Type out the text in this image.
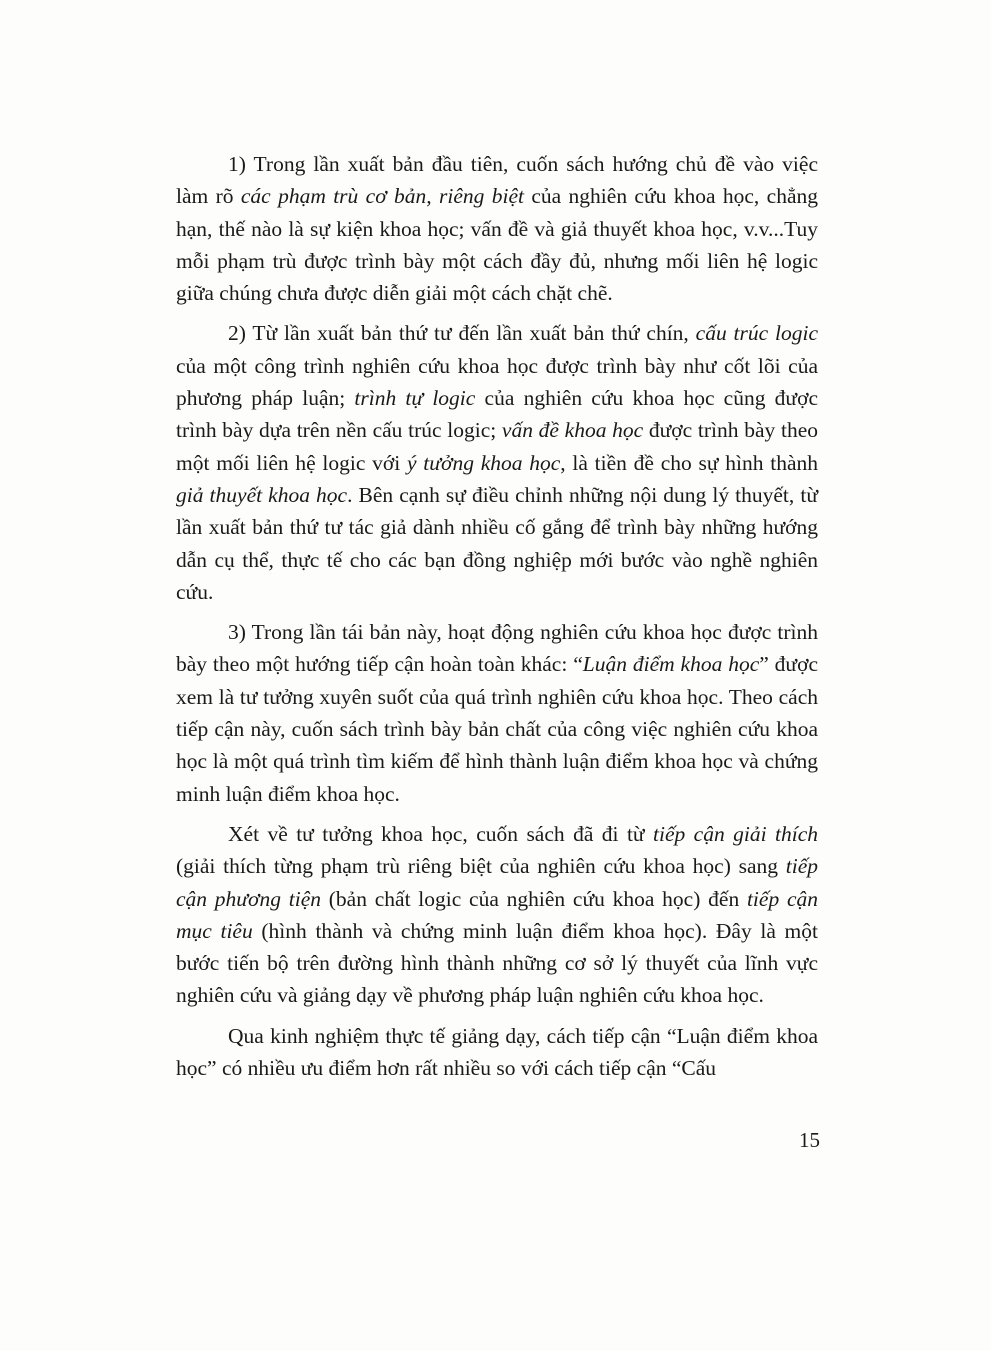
1) Trong lần xuất bản đầu tiên, cuốn sách hướng chủ đề vào việc làm rõ các phạm trù cơ bản, riêng biệt của nghiên cứu khoa học, chẳng hạn, thế nào là sự kiện khoa học; vấn đề và giả thuyết khoa học, v.v...Tuy mỗi phạm trù được trình bày một cách đầy đủ, nhưng mối liên hệ logic giữa chúng chưa được diễn giải một cách chặt chẽ.

2) Từ lần xuất bản thứ tư đến lần xuất bản thứ chín, cấu trúc logic của một công trình nghiên cứu khoa học được trình bày như cốt lõi của phương pháp luận; trình tự logic của nghiên cứu khoa học cũng được trình bày dựa trên nền cấu trúc logic; vấn đề khoa học được trình bày theo một mối liên hệ logic với ý tưởng khoa học, là tiền đề cho sự hình thành giả thuyết khoa học. Bên cạnh sự điều chỉnh những nội dung lý thuyết, từ lần xuất bản thứ tư tác giả dành nhiều cố gắng để trình bày những hướng dẫn cụ thể, thực tế cho các bạn đồng nghiệp mới bước vào nghề nghiên cứu.

3) Trong lần tái bản này, hoạt động nghiên cứu khoa học được trình bày theo một hướng tiếp cận hoàn toàn khác: “Luận điểm khoa học” được xem là tư tưởng xuyên suốt của quá trình nghiên cứu khoa học. Theo cách tiếp cận này, cuốn sách trình bày bản chất của công việc nghiên cứu khoa học là một quá trình tìm kiếm để hình thành luận điểm khoa học và chứng minh luận điểm khoa học.

Xét về tư tưởng khoa học, cuốn sách đã đi từ tiếp cận giải thích (giải thích từng phạm trù riêng biệt của nghiên cứu khoa học) sang tiếp cận phương tiện (bản chất logic của nghiên cứu khoa học) đến tiếp cận mục tiêu (hình thành và chứng minh luận điểm khoa học). Đây là một bước tiến bộ trên đường hình thành những cơ sở lý thuyết của lĩnh vực nghiên cứu và giảng dạy về phương pháp luận nghiên cứu khoa học.

Qua kinh nghiệm thực tế giảng dạy, cách tiếp cận “Luận điểm khoa học” có nhiều ưu điểm hơn rất nhiều so với cách tiếp cận “Cấu

15
